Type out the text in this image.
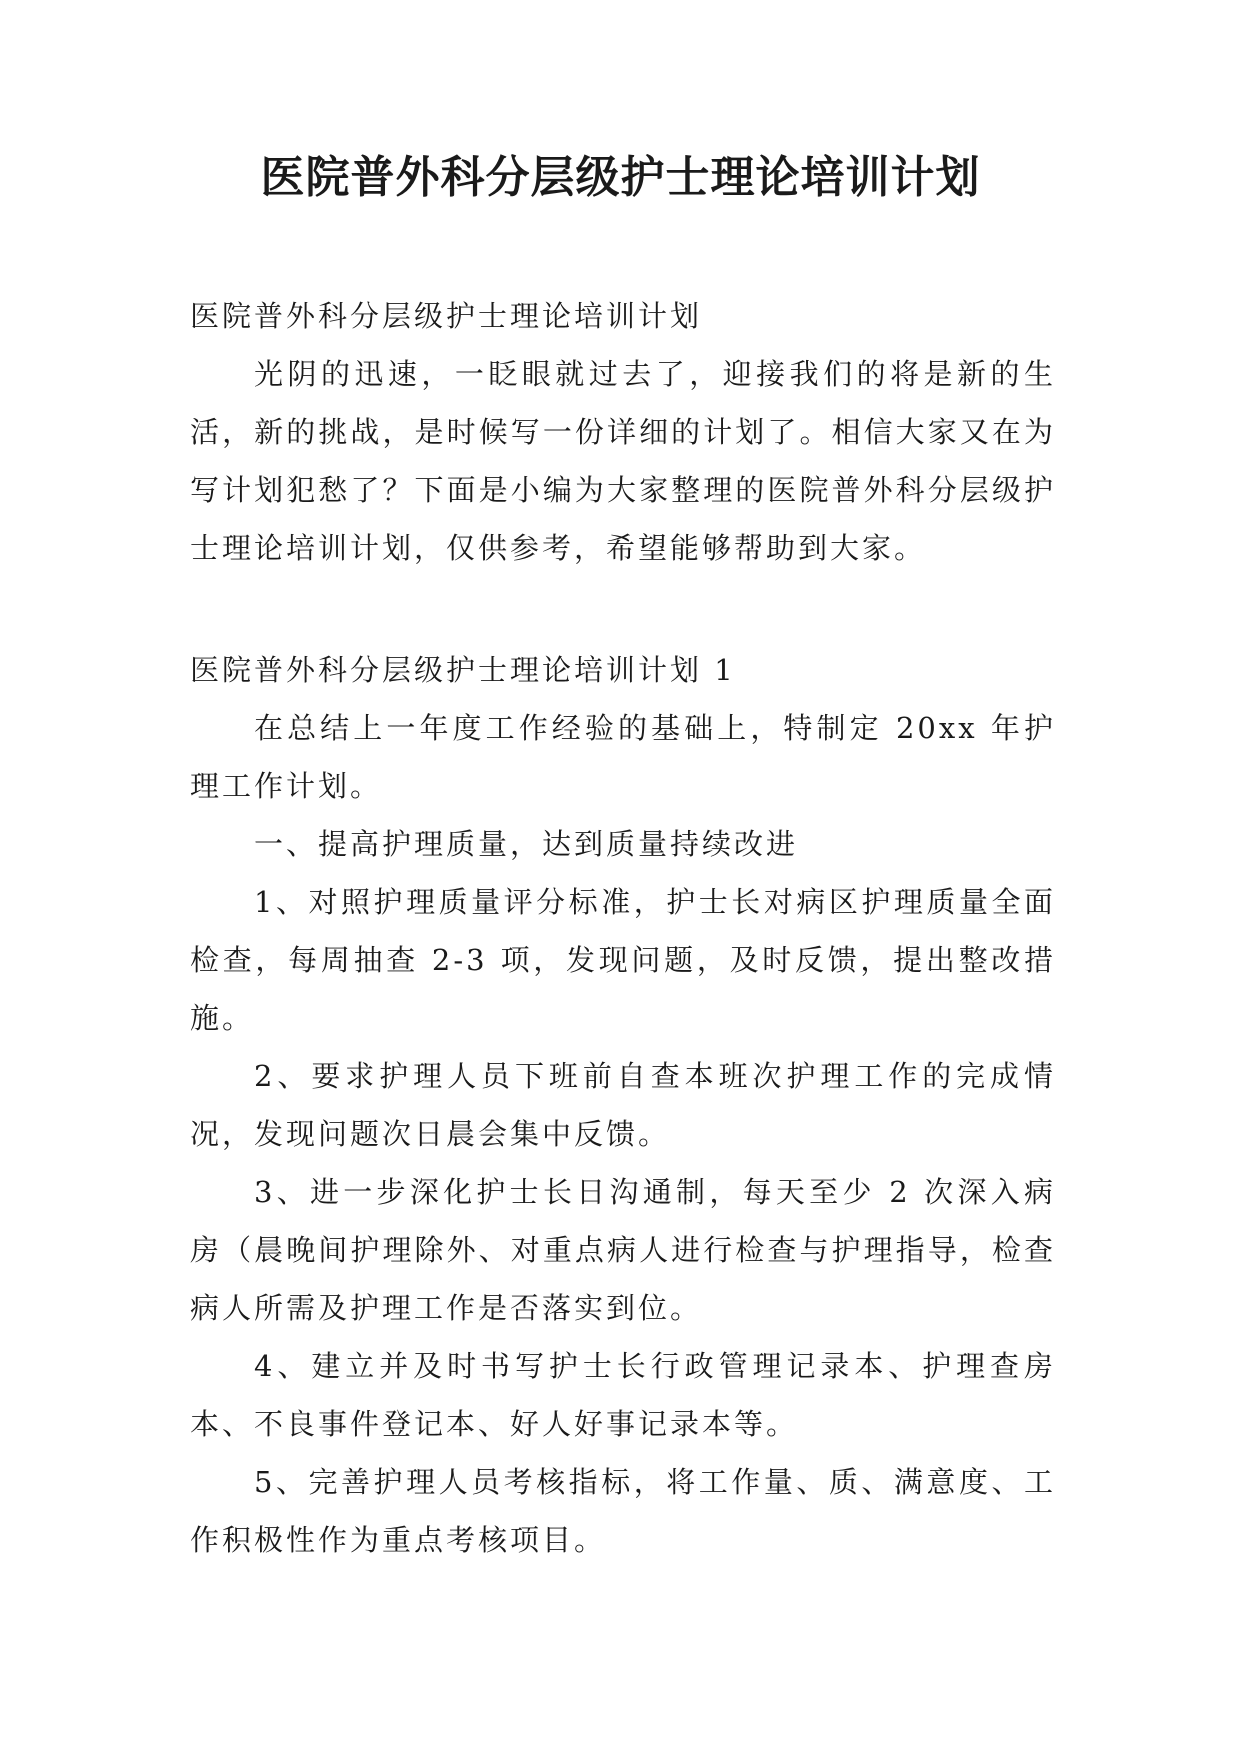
医院普外科分层级护士理论培训计划

医院普外科分层级护士理论培训计划

光阴的迅速，一眨眼就过去了，迎接我们的将是新的生活，新的挑战，是时候写一份详细的计划了。相信大家又在为写计划犯愁了？下面是小编为大家整理的医院普外科分层级护士理论培训计划，仅供参考，希望能够帮助到大家。

医院普外科分层级护士理论培训计划 1

在总结上一年度工作经验的基础上，特制定 20xx 年护理工作计划。

一、提高护理质量，达到质量持续改进

1、对照护理质量评分标准，护士长对病区护理质量全面检查，每周抽查 2-3 项，发现问题，及时反馈，提出整改措施。

2、要求护理人员下班前自查本班次护理工作的完成情况，发现问题次日晨会集中反馈。

3、进一步深化护士长日沟通制，每天至少 2 次深入病房（晨晚间护理除外、对重点病人进行检查与护理指导，检查病人所需及护理工作是否落实到位。

4、建立并及时书写护士长行政管理记录本、护理查房本、不良事件登记本、好人好事记录本等。

5、完善护理人员考核指标，将工作量、质、满意度、工作积极性作为重点考核项目。
